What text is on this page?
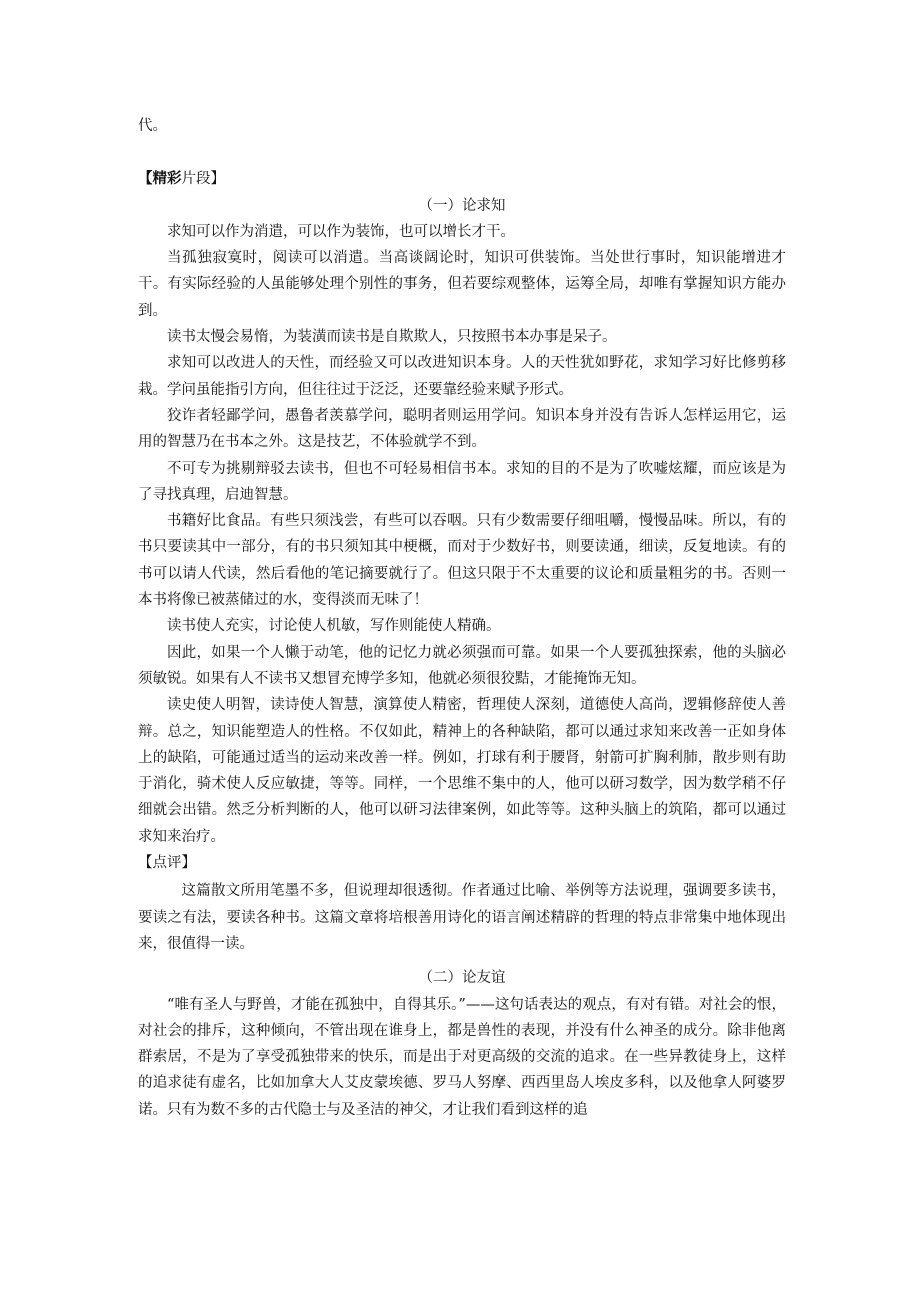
代。

【精彩片段】

（一）论求知

求知可以作为消遣，可以作为装饰，也可以增长才干。

当孤独寂寞时，阅读可以消遣。当高谈阔论时，知识可供装饰。当处世行事时，知识能增进才干。有实际经验的人虽能够处理个别性的事务，但若要综观整体，运筹全局，却唯有掌握知识方能办到。

读书太慢会易惰，为装潢而读书是自欺欺人，只按照书本办事是呆子。

求知可以改进人的天性，而经验又可以改进知识本身。人的天性犹如野花，求知学习好比修剪移栽。学问虽能指引方向，但往往过于泛泛，还要靠经验来赋予形式。

狡诈者轻鄙学问，愚鲁者羡慕学问，聪明者则运用学问。知识本身并没有告诉人怎样运用它，运用的智慧乃在书本之外。这是技艺，不体验就学不到。

不可专为挑剔辩驳去读书，但也不可轻易相信书本。求知的目的不是为了吹嘘炫耀，而应该是为了寻找真理，启迪智慧。

书籍好比食品。有些只须浅尝，有些可以吞咽。只有少数需要仔细咀嚼，慢慢品味。所以，有的书只要读其中一部分，有的书只须知其中梗概，而对于少数好书，则要读通，细读，反复地读。有的书可以请人代读，然后看他的笔记摘要就行了。但这只限于不太重要的议论和质量粗劣的书。否则一本书将像已被蒸储过的水，变得淡而无味了！

读书使人充实，讨论使人机敏，写作则能使人精确。

因此，如果一个人懒于动笔，他的记忆力就必须强而可靠。如果一个人要孤独探索，他的头脑必须敏锐。如果有人不读书又想冒充博学多知，他就必须很狡黠，才能掩饰无知。

读史使人明智，读诗使人智慧，演算使人精密，哲理使人深刻，道德使人高尚，逻辑修辞使人善辩。总之，知识能塑造人的性格。不仅如此，精神上的各种缺陷，都可以通过求知来改善一正如身体上的缺陷，可能通过适当的运动来改善一样。例如，打球有利于腰肾，射箭可扩胸利肺，散步则有助于消化，骑术使人反应敏捷，等等。同样，一个思维不集中的人，他可以研习数学，因为数学稍不仔细就会出错。然乏分析判断的人，他可以研习法律案例，如此等等。这种头脑上的筑陷，都可以通过求知来治疗。

【点评】

这篇散文所用笔墨不多，但说理却很透彻。作者通过比喻、举例等方法说理，强调要多读书，要读之有法，要读各种书。这篇文章将培根善用诗化的语言阐述精辟的哲理的特点非常集中地体现出来，很值得一读。

（二）论友谊

“唯有圣人与野兽，才能在孤独中，自得其乐。”——这句话表达的观点，有对有错。对社会的恨，对社会的排斥，这种倾向，不管出现在谁身上，都是兽性的表现，并没有什么神圣的成分。除非他离群索居，不是为了享受孤独带来的快乐，而是出于对更高级的交流的追求。在一些异教徒身上，这样的追求徒有虚名，比如加拿大人艾皮蒙埃德、罗马人努摩、西西里岛人埃皮多科，以及他拿人阿婆罗诺。只有为数不多的古代隐士与及圣洁的神父，才让我们看到这样的追
